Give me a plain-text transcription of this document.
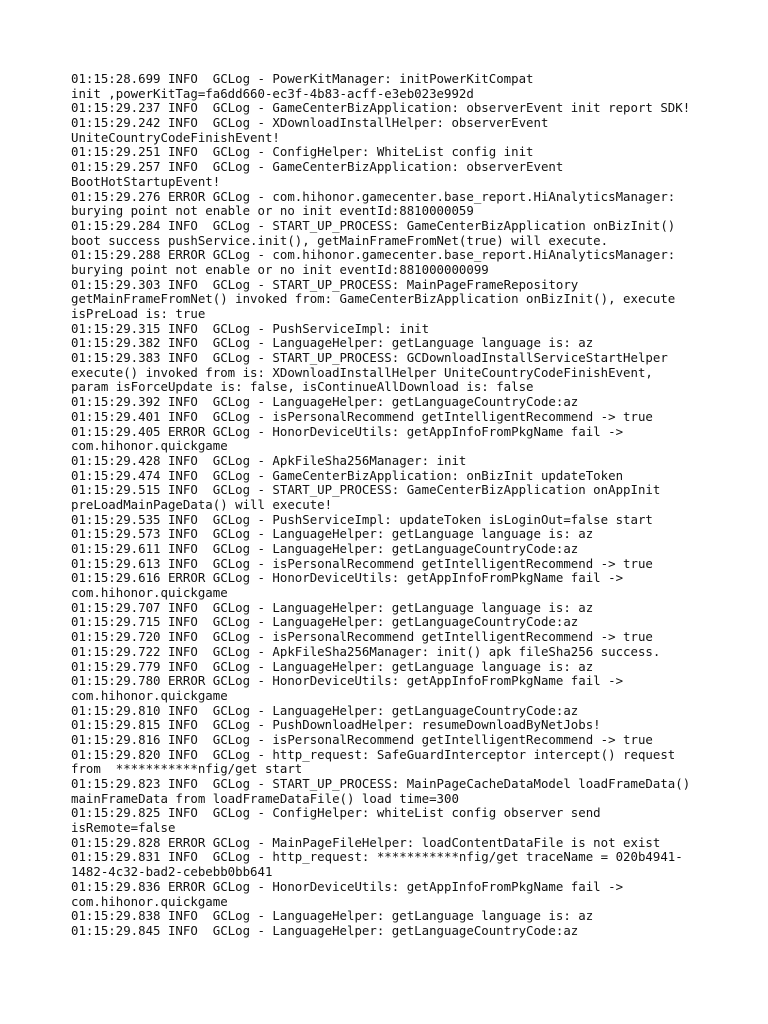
01:15:28.699 INFO  GCLog - PowerKitManager: initPowerKitCompat
init ,powerKitTag=fa6dd660-ec3f-4b83-acff-e3eb023e992d
01:15:29.237 INFO  GCLog - GameCenterBizApplication: observerEvent init report SDK!
01:15:29.242 INFO  GCLog - XDownloadInstallHelper: observerEvent
UniteCountryCodeFinishEvent!
01:15:29.251 INFO  GCLog - ConfigHelper: WhiteList config init
01:15:29.257 INFO  GCLog - GameCenterBizApplication: observerEvent
BootHotStartupEvent!
01:15:29.276 ERROR GCLog - com.hihonor.gamecenter.base_report.HiAnalyticsManager:
burying point not enable or no init eventId:8810000059
01:15:29.284 INFO  GCLog - START_UP_PROCESS: GameCenterBizApplication onBizInit()
boot success pushService.init(), getMainFrameFromNet(true) will execute.
01:15:29.288 ERROR GCLog - com.hihonor.gamecenter.base_report.HiAnalyticsManager:
burying point not enable or no init eventId:881000000099
01:15:29.303 INFO  GCLog - START_UP_PROCESS: MainPageFrameRepository
getMainFrameFromNet() invoked from: GameCenterBizApplication onBizInit(), execute
isPreLoad is: true
01:15:29.315 INFO  GCLog - PushServiceImpl: init
01:15:29.382 INFO  GCLog - LanguageHelper: getLanguage language is: az
01:15:29.383 INFO  GCLog - START_UP_PROCESS: GCDownloadInstallServiceStartHelper
execute() invoked from is: XDownloadInstallHelper UniteCountryCodeFinishEvent,
param isForceUpdate is: false, isContinueAllDownload is: false
01:15:29.392 INFO  GCLog - LanguageHelper: getLanguageCountryCode:az
01:15:29.401 INFO  GCLog - isPersonalRecommend getIntelligentRecommend -> true
01:15:29.405 ERROR GCLog - HonorDeviceUtils: getAppInfoFromPkgName fail ->
com.hihonor.quickgame
01:15:29.428 INFO  GCLog - ApkFileSha256Manager: init
01:15:29.474 INFO  GCLog - GameCenterBizApplication: onBizInit updateToken
01:15:29.515 INFO  GCLog - START_UP_PROCESS: GameCenterBizApplication onAppInit
preLoadMainPageData() will execute!
01:15:29.535 INFO  GCLog - PushServiceImpl: updateToken isLoginOut=false start
01:15:29.573 INFO  GCLog - LanguageHelper: getLanguage language is: az
01:15:29.611 INFO  GCLog - LanguageHelper: getLanguageCountryCode:az
01:15:29.613 INFO  GCLog - isPersonalRecommend getIntelligentRecommend -> true
01:15:29.616 ERROR GCLog - HonorDeviceUtils: getAppInfoFromPkgName fail ->
com.hihonor.quickgame
01:15:29.707 INFO  GCLog - LanguageHelper: getLanguage language is: az
01:15:29.715 INFO  GCLog - LanguageHelper: getLanguageCountryCode:az
01:15:29.720 INFO  GCLog - isPersonalRecommend getIntelligentRecommend -> true
01:15:29.722 INFO  GCLog - ApkFileSha256Manager: init() apk fileSha256 success.
01:15:29.779 INFO  GCLog - LanguageHelper: getLanguage language is: az
01:15:29.780 ERROR GCLog - HonorDeviceUtils: getAppInfoFromPkgName fail ->
com.hihonor.quickgame
01:15:29.810 INFO  GCLog - LanguageHelper: getLanguageCountryCode:az
01:15:29.815 INFO  GCLog - PushDownloadHelper: resumeDownloadByNetJobs!
01:15:29.816 INFO  GCLog - isPersonalRecommend getIntelligentRecommend -> true
01:15:29.820 INFO  GCLog - http_request: SafeGuardInterceptor intercept() request
from  ***********nfig/get start
01:15:29.823 INFO  GCLog - START_UP_PROCESS: MainPageCacheDataModel loadFrameData()
mainFrameData from loadFrameDataFile() load time=300
01:15:29.825 INFO  GCLog - ConfigHelper: whiteList config observer send
isRemote=false
01:15:29.828 ERROR GCLog - MainPageFileHelper: loadContentDataFile is not exist
01:15:29.831 INFO  GCLog - http_request: ***********nfig/get traceName = 020b4941-
1482-4c32-bad2-cebebb0bb641
01:15:29.836 ERROR GCLog - HonorDeviceUtils: getAppInfoFromPkgName fail ->
com.hihonor.quickgame
01:15:29.838 INFO  GCLog - LanguageHelper: getLanguage language is: az
01:15:29.845 INFO  GCLog - LanguageHelper: getLanguageCountryCode:az
